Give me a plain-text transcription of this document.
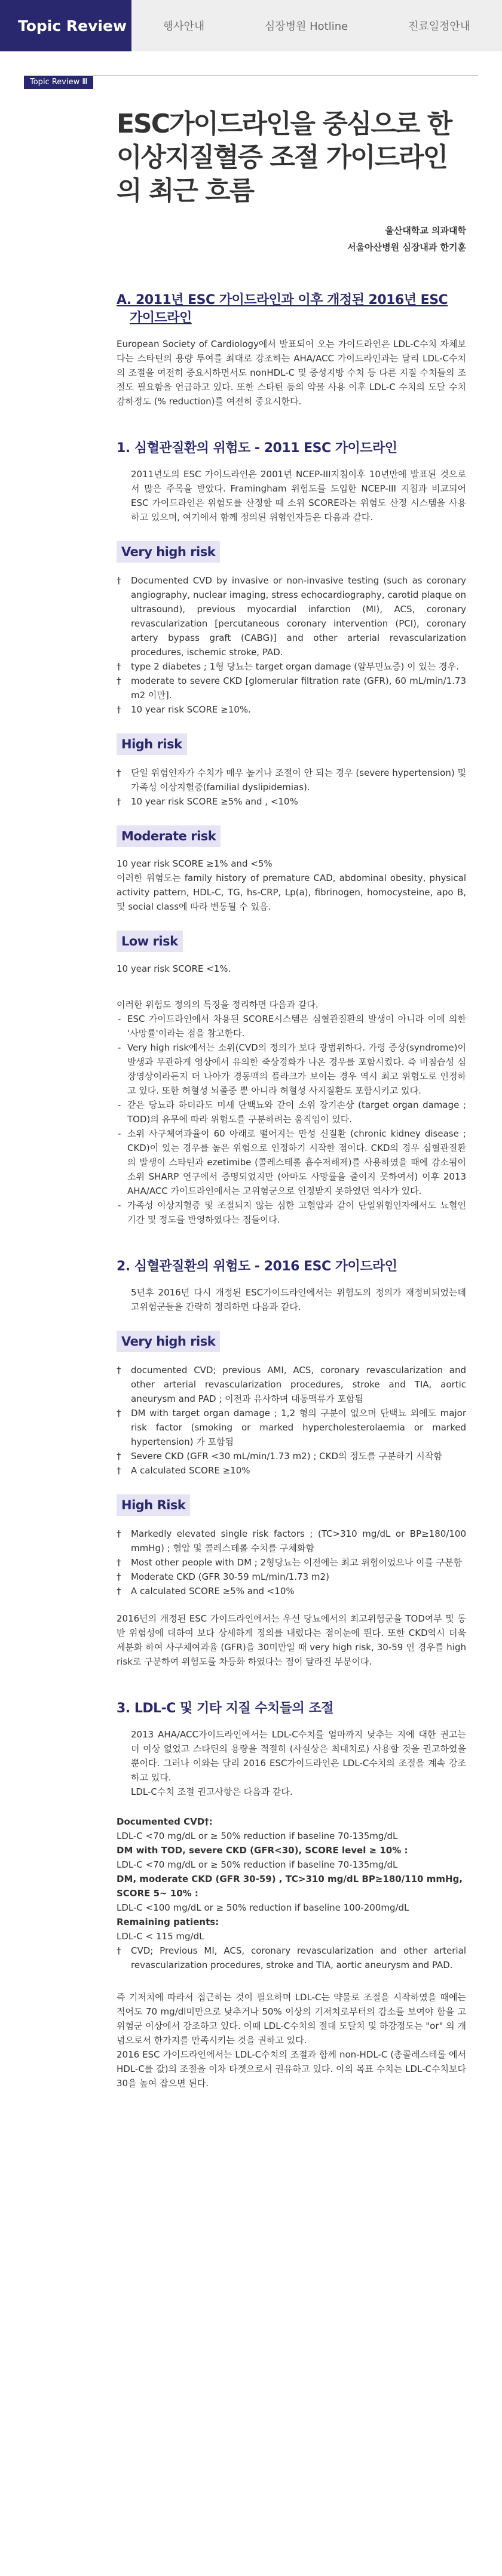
Topic Review	행사안내	심장병원 Hotline	진료일정안내
Topic Review Ⅲ
ESC가이드라인을 중심으로 한 이상지질혈증 조절 가이드라인의 최근 흐름
울산대학교 의과대학
서울아산병원 심장내과 한기훈
A. 2011년 ESC 가이드라인과 이후 개정된 2016년 ESC
가이드라인

European Society of Cardiology에서 발표되어 오는 가이드라인은 LDL-C수치 자체보다는 스타틴의 용량 투여를 최대로 강조하는 AHA/ACC 가이드라인과는 달리 LDL-C수치의 조절을 여전히 중요시하면서도 nonHDL-C 및 중성지방 수치 등 다른 지질 수치들의 조절도 필요함을 언급하고 있다. 또한 스타틴 등의 약물 사용 이후 LDL-C 수치의 도달 수치 감하정도 (% reduction)를 여전히 중요시한다.

1. 심혈관질환의 위험도 - 2011 ESC 가이드라인

2011년도의 ESC 가이드라인은 2001년 NCEP-III지침이후 10년만에 발표된 것으로서 많은 주목을 받았다. Framingham 위험도를 도입한 NCEP-III 지침과 비교되어 ESC 가이드라인은 위험도를 산정할 때 소위 SCORE라는 위험도 산정 시스템을 사용하고 있으며, 여기에서 함께 정의된 위험인자들은 다음과 같다.

Very high risk
† Documented CVD by invasive or non-invasive testing (such as coronary angiography, nuclear imaging, stress echocardiography, carotid plaque on ultrasound), previous myocardial infarction (MI), ACS, coronary revascularization [percutaneous coronary intervention (PCI), coronary artery bypass graft (CABG)] and other arterial revascularization procedures, ischemic stroke, PAD.
† type 2 diabetes ; 1형 당뇨는 target organ damage (알부민뇨증) 이 있는 경우.
† moderate to severe CKD [glomerular filtration rate (GFR), 60 mL/min/1.73 m2 이만].
† 10 year risk SCORE ≥10%.
High risk
† 단일 위험인자가 수치가 매우 높거나 조절이 안 되는 경우 (severe hypertension) 및 가족성 이상지혈증(familial dyslipidemias).
† 10 year risk SCORE ≥5% and , <10%
Moderate risk

10 year risk SCORE ≥1% and <5%
이러한 위험도는 family history of premature CAD, abdominal obesity, physical activity pattern, HDL-C, TG, hs-CRP, Lp(a), fibrinogen, homocysteine, apo B, 및 social class에 따라 변동될 수 있음.

Low risk

10 year risk SCORE <1%.

이러한 위험도 정의의 특징을 정리하면 다음과 같다.

- ESC 가이드라인에서 차용된 SCORE시스템은 심혈관질환의 발생이 아니라 이에 의한 '사망률'이라는 점을 참고한다.
- Very high risk에서는 소위(CVD의 정의가 보다 광범위하다. 가령 증상(syndrome)이 발생과 무관하게 영상에서 유의한 죽상경화가 나온 경우를 포함시켰다. 즉 비침습성 심장영상이라든지 더 나아가 경동맥의 플라크가 보이는 경우 역시 최고 위험도로 인정하고 있다. 또한 허혈성 뇌졸중 뿐 아니라 허혈성 사지질환도 포함시키고 있다.
- 같은 당뇨라 하더라도 미세 단백뇨와 같이 소위 장기손상 (target organ damage ; TOD)의 유무에 따라 위험도를 구분하려는 움직임이 있다.
- 소위 사구체여과율이 60 아래로 떨어지는 만성 신질환 (chronic kidney disease ; CKD)이 있는 경우를 높은 위험으로 인정하기 시작한 점이다. CKD의 경우 심혈관질환의 발생이 스타틴과 ezetimibe (콜레스테롤 흡수저해제)를 사용하였을 때에 감소됨이 소위 SHARP 연구에서 증명되었지만 (아마도 사망률을 줄이지 못하여서) 이후 2013 AHA/ACC 가이드라인에서는 고위험군으로 인정받지 못하였던 역사가 있다.
- 가족성 이상지혈증 및 조절되지 않는 심한 고혈압과 같이 단일위험인자에서도 뇨혈인 기간 및 정도를 반영하였다는 점들이다.
2. 심혈관질환의 위험도 - 2016 ESC 가이드라인

5년후 2016년 다시 개정된 ESC가이드라인에서는 위험도의 정의가 재정비되었는데 고위험군들을 간략히 정리하면 다음과 같다.

Very high risk
† documented CVD; previous AMI, ACS, coronary revascularization and other arterial revascularization procedures, stroke and TIA, aortic aneurysm and PAD ; 이전과 유사하며 대동맥류가 포함됨
† DM with target organ damage ; 1,2 형의 구분이 없으며 단백뇨 외에도 major risk factor (smoking or marked hypercholesterolaemia or marked hypertension) 가 포함됨
† Severe CKD (GFR <30 mL/min/1.73 m2) ; CKD의 정도를 구분하기 시작함
† A calculated SCORE ≥10%
High Risk
† Markedly elevated single risk factors ; (TC>310 mg/dL or BP≥180/100 mmHg) ; 혈압 및 콜레스테롤 수치를 구체화함
† Most other people with DM ; 2형당뇨는 이전에는 최고 위험이었으나 이를 구분함
† Moderate CKD (GFR 30-59 mL/min/1.73 m2)
† A calculated SCORE ≥5% and <10%

2016년의 개정된 ESC 가이드라인에서는 우선 당뇨에서의 최고위험군을 TOD여부 및 동반 위험성에 대하여 보다 상세하게 정의를 내렸다는 점이눈에 띈다. 또한 CKD역시 더욱 세분화 하여 사구체여과율 (GFR)을 30미만일 때 very high risk, 30-59 인 경우를 high risk로 구분하여 위험도를 차등화 하였다는 점이 달라진 부분이다.

3. LDL-C 및 기타 지질 수치들의 조절

2013 AHA/ACC가이드라인에서는 LDL-C수치를 얼마까지 낮추는 지에 대한 권고는 더 이상 없었고 스타틴의 용량을 적절히 (사실상은 최대치로) 사용할 것을 권고하였을 뿐이다. 그러나 이와는 달리 2016 ESC가이드라인은 LDL-C수치의 조절을 계속 강조하고 있다.

LDL-C수치 조절 권고사항은 다음과 같다.

Documented CVD†:
LDL-C <70 mg/dL or ≥ 50% reduction if baseline 70-135mg/dL
DM with TOD, severe CKD (GFR<30), SCORE level ≥ 10% :
LDL-C <70 mg/dL or ≥ 50% reduction if baseline 70-135mg/dL
DM, moderate CKD (GFR 30-59) , TC>310 mg/dL BP≥180/110 mmHg, SCORE 5~ 10% :
LDL-C <100 mg/dL or ≥ 50% reduction if baseline 100-200mg/dL
Remaining patients:
LDL-C < 115 mg/dL
† CVD; Previous MI, ACS, coronary revascularization and other arterial revascularization procedures, stroke and TIA, aortic aneurysm and PAD.

즉 기저치에 따라서 접근하는 것이 필요하며 LDL-C는 약물로 조절을 시작하였을 때에는 적어도 70 mg/dl미만으로 낮추거나 50% 이상의 기저치로부터의 감소를 보여야 함을 고위험군 이상에서 강조하고 있다. 이때 LDL-C수치의 절대 도달치 및 하강정도는 "or" 의 개념으로서 한가지를 만족시키는 것을 권하고 있다.

2016 ESC 가이드라인에서는 LDL-C수치의 조절과 함께 non-HDL-C (총콜레스테롤 에서 HDL-C를 값)의 조절을 이차 타겟으로서 권유하고 있다. 이의 목표 수치는 LDL-C수치보다 30을 높여 잡으면 된다.
